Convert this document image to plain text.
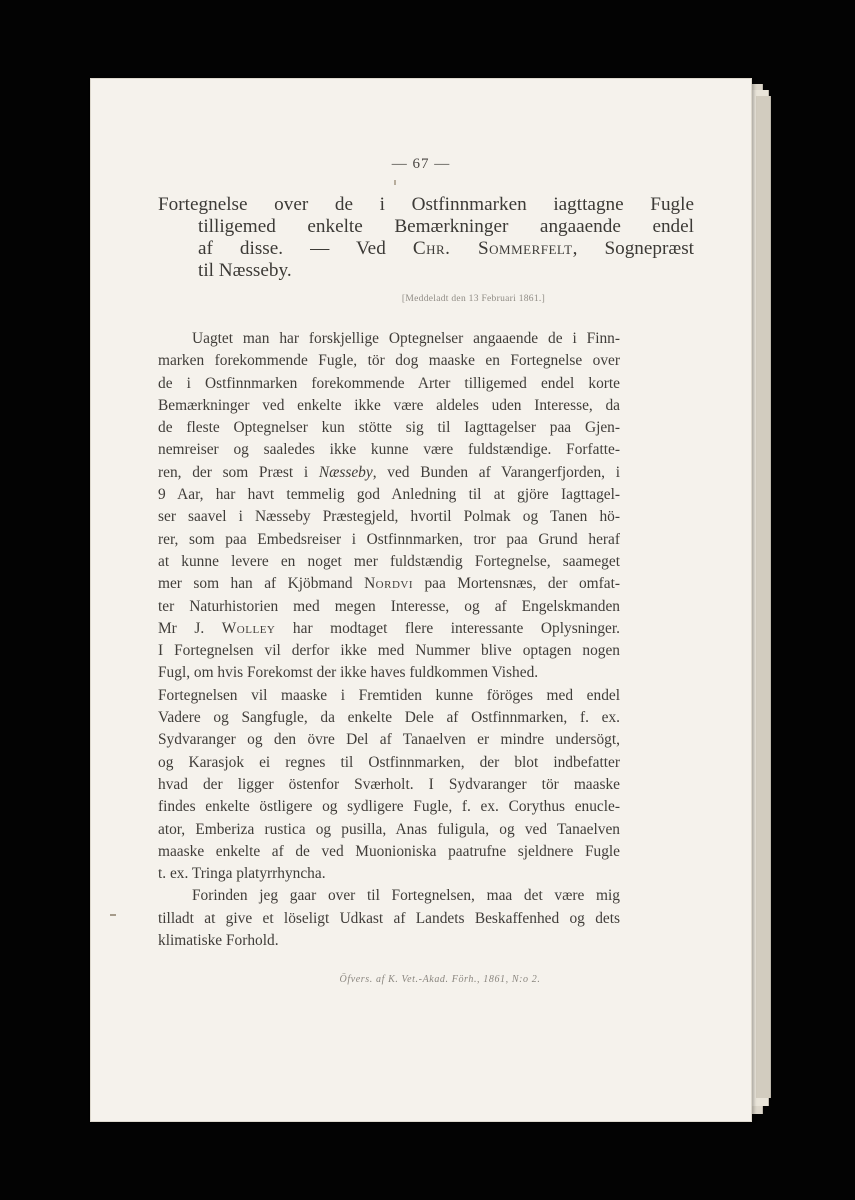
— 67 —
Fortegnelse over de i Ostfinnmarken iagttagne Fugle
tilligemed enkelte Bemærkninger angaaende endel
af disse. — Ved Chr. Sommerfelt, Sognepræst
til Næsseby.
[Meddeladt den 13 Februari 1861.]
Uagtet man har forskjellige Optegnelser angaaende de i Finn-
marken forekommende Fugle, tör dog maaske en Fortegnelse over
de i Ostfinnmarken forekommende Arter tilligemed endel korte
Bemærkninger ved enkelte ikke være aldeles uden Interesse, da
de fleste Optegnelser kun stötte sig til Iagttagelser paa Gjen-
nemreiser og saaledes ikke kunne være fuldstændige. Forfatte-
ren, der som Præst i Næsseby, ved Bunden af Varangerfjorden, i
9 Aar, har havt temmelig god Anledning til at gjöre Iagttagel-
ser saavel i Næsseby Præstegjeld, hvortil Polmak og Tanen hö-
rer, som paa Embedsreiser i Ostfinnmarken, tror paa Grund heraf
at kunne levere en noget mer fuldstændig Fortegnelse, saameget
mer som han af Kjöbmand Nordvi paa Mortensnæs, der omfat-
ter Naturhistorien med megen Interesse, og af Engelskmanden
Mr J. Wolley har modtaget flere interessante Oplysninger.
I Fortegnelsen vil derfor ikke med Nummer blive optagen nogen
Fugl, om hvis Forekomst der ikke haves fuldkommen Vished.
Fortegnelsen vil maaske i Fremtiden kunne föröges med endel
Vadere og Sangfugle, da enkelte Dele af Ostfinnmarken, f. ex.
Sydvaranger og den övre Del af Tanaelven er mindre undersögt,
og Karasjok ei regnes til Ostfinnmarken, der blot indbefatter
hvad der ligger östenfor Sværholt. I Sydvaranger tör maaske
findes enkelte östligere og sydligere Fugle, f. ex. Corythus enucle-
ator, Emberiza rustica og pusilla, Anas fuligula, og ved Tanaelven
maaske enkelte af de ved Muonioniska paatrufne sjeldnere Fugle
t. ex. Tringa platyrrhyncha.
Forinden jeg gaar over til Fortegnelsen, maa det være mig
tilladt at give et löseligt Udkast af Landets Beskaffenhed og dets
klimatiske Forhold.
Öfvers. af K. Vet.-Akad. Förh., 1861, N:o 2.
